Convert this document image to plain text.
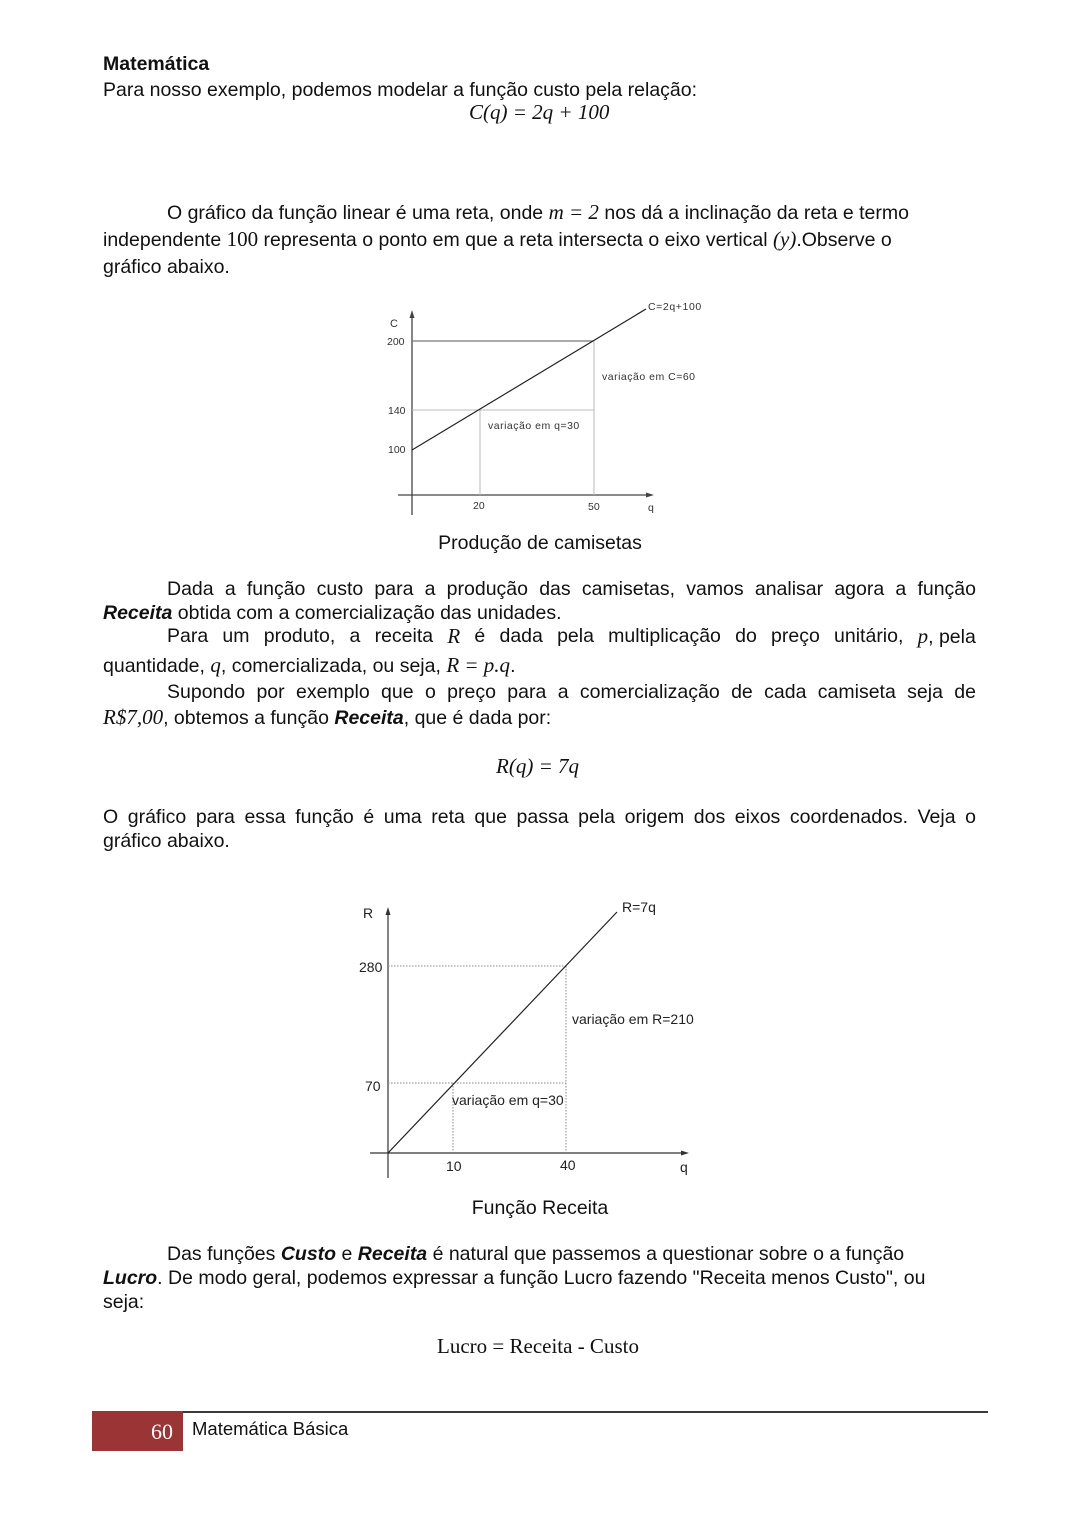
Matemática
Para nosso exemplo, podemos modelar a função custo pela relação:
C(q) = 2q + 100
O gráfico da função linear é uma reta, onde m = 2 nos dá a inclinação da reta e termo
independente 100 representa o ponto em que a reta intersecta o eixo vertical (y).Observe o
gráfico abaixo.
C
200
140
100
20	50	q
C=2q+100
variação em C=60
variação em q=30
Produção de camisetas
Dada a função custo para a produção das camisetas, vamos analisar agora a função
Receita obtida com a comercialização das unidades.
Para um produto, a receita R é dada pela multiplicação do preço unitário, p, pela
quantidade, q, comercializada, ou seja, R = p.q.
Supondo por exemplo que o preço para a comercialização de cada camiseta seja de
R$7,00, obtemos a função Receita, que é dada por:
R(q) = 7q
O gráfico para essa função é uma reta que passa pela origem dos eixos coordenados. Veja o
gráfico abaixo.
R
280
70
10	40	q
R=7q
variação em R=210
variação em q=30
Função Receita
Das funções Custo e Receita é natural que passemos a questionar sobre o a função
Lucro. De modo geral, podemos expressar a função Lucro fazendo "Receita menos Custo", ou
seja:
Lucro = Receita - Custo
60 Matemática Básica
